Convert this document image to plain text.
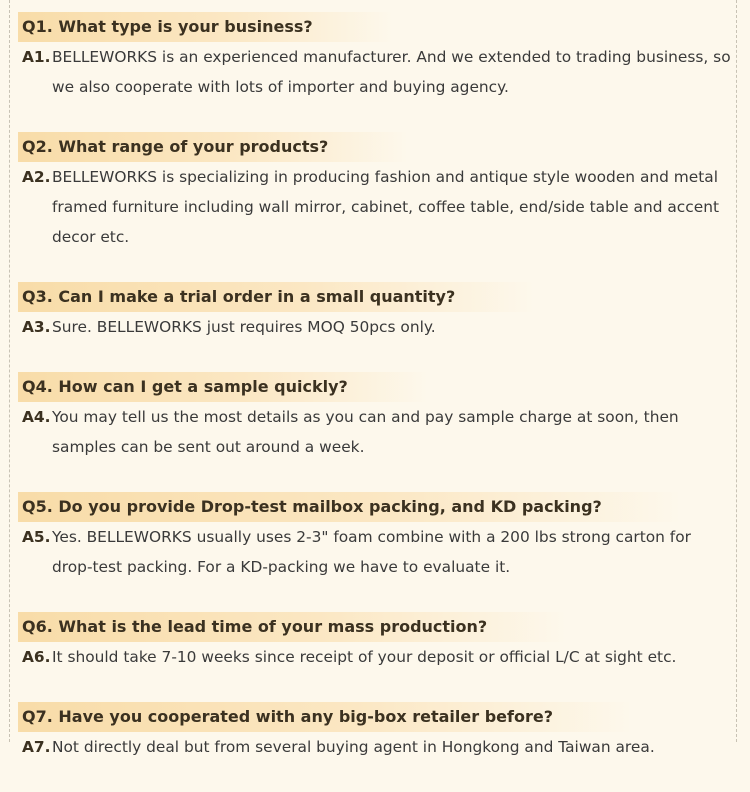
Q1. What type is your business?
A1. BELLEWORKS is an experienced manufacturer. And we extended to trading business, so we also cooperate with lots of importer and buying agency.
Q2. What range of your products?
A2. BELLEWORKS is specializing in producing fashion and antique style wooden and metal framed furniture including wall mirror, cabinet, coffee table, end/side table and accent decor etc.
Q3. Can I make a trial order in a small quantity?
A3. Sure. BELLEWORKS just requires MOQ 50pcs only.
Q4. How can I get a sample quickly?
A4. You may tell us the most details as you can and pay sample charge at soon, then samples can be sent out around a week.
Q5. Do you provide Drop-test mailbox packing, and KD packing?
A5. Yes. BELLEWORKS usually uses 2-3" foam combine with a 200 lbs strong carton for drop-test packing. For a KD-packing we have to evaluate it.
Q6. What is the lead time of your mass production?
A6. It should take 7-10 weeks since receipt of your deposit or official L/C at sight etc.
Q7. Have you cooperated with any big-box retailer before?
A7. Not directly deal but from several buying agent in Hongkong and Taiwan area.
